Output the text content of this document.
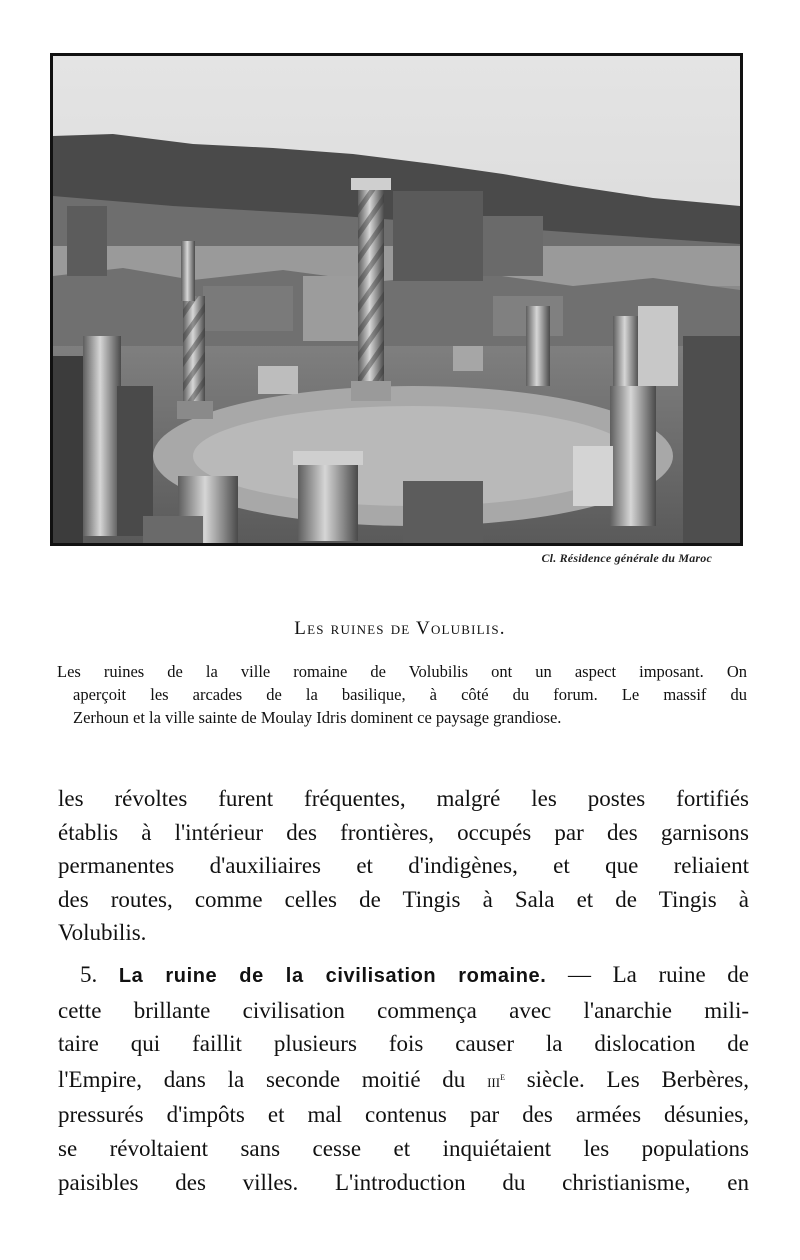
Cl. Résidence générale du Maroc
Les ruines de Volubilis.
Les ruines de la ville romaine de Volubilis ont un aspect imposant. On
aperçoit les arcades de la basilique, à côté du forum. Le massif du
Zerhoun et la ville sainte de Moulay Idris dominent ce paysage grandiose.
les révoltes furent fréquentes, malgré les postes fortifiés
établis à l'intérieur des frontières, occupés par des garnisons
permanentes d'auxiliaires et d'indigènes, et que reliaient
des routes, comme celles de Tingis à Sala et de Tingis à
Volubilis.
5. La ruine de la civilisation romaine. — La ruine de
cette brillante civilisation commença avec l'anarchie mili-
taire qui faillit plusieurs fois causer la dislocation de
l'Empire, dans la seconde moitié du iii$^e$ siècle. Les Berbères,
pressurés d'impôts et mal contenus par des armées désunies,
se révoltaient sans cesse et inquiétaient les populations
paisibles des villes. L'introduction du christianisme, en
